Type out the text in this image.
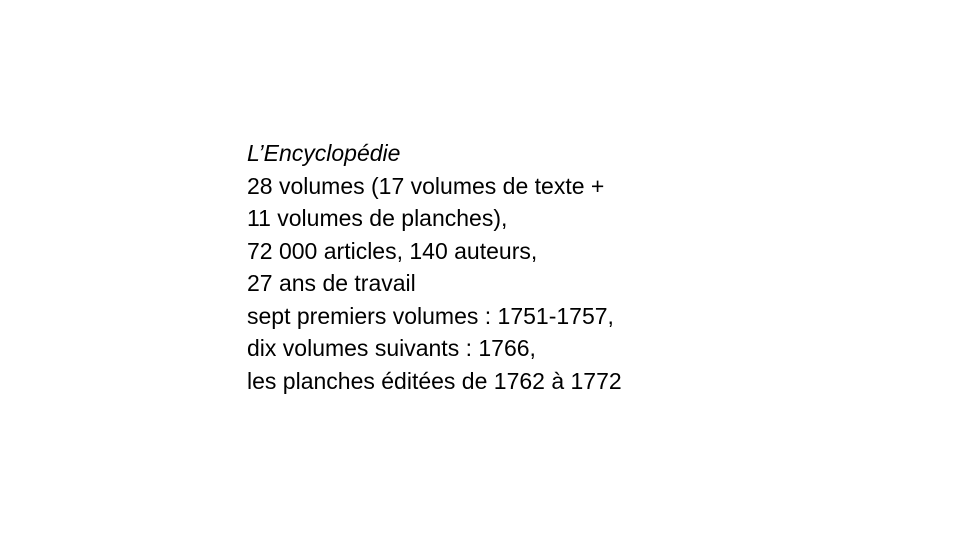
L’Encyclopédie
28 volumes (17 volumes de texte +
11 volumes de planches),
72 000 articles, 140 auteurs,
27 ans de travail
sept premiers volumes : 1751-1757,
dix volumes suivants : 1766,
les planches éditées de 1762 à 1772
